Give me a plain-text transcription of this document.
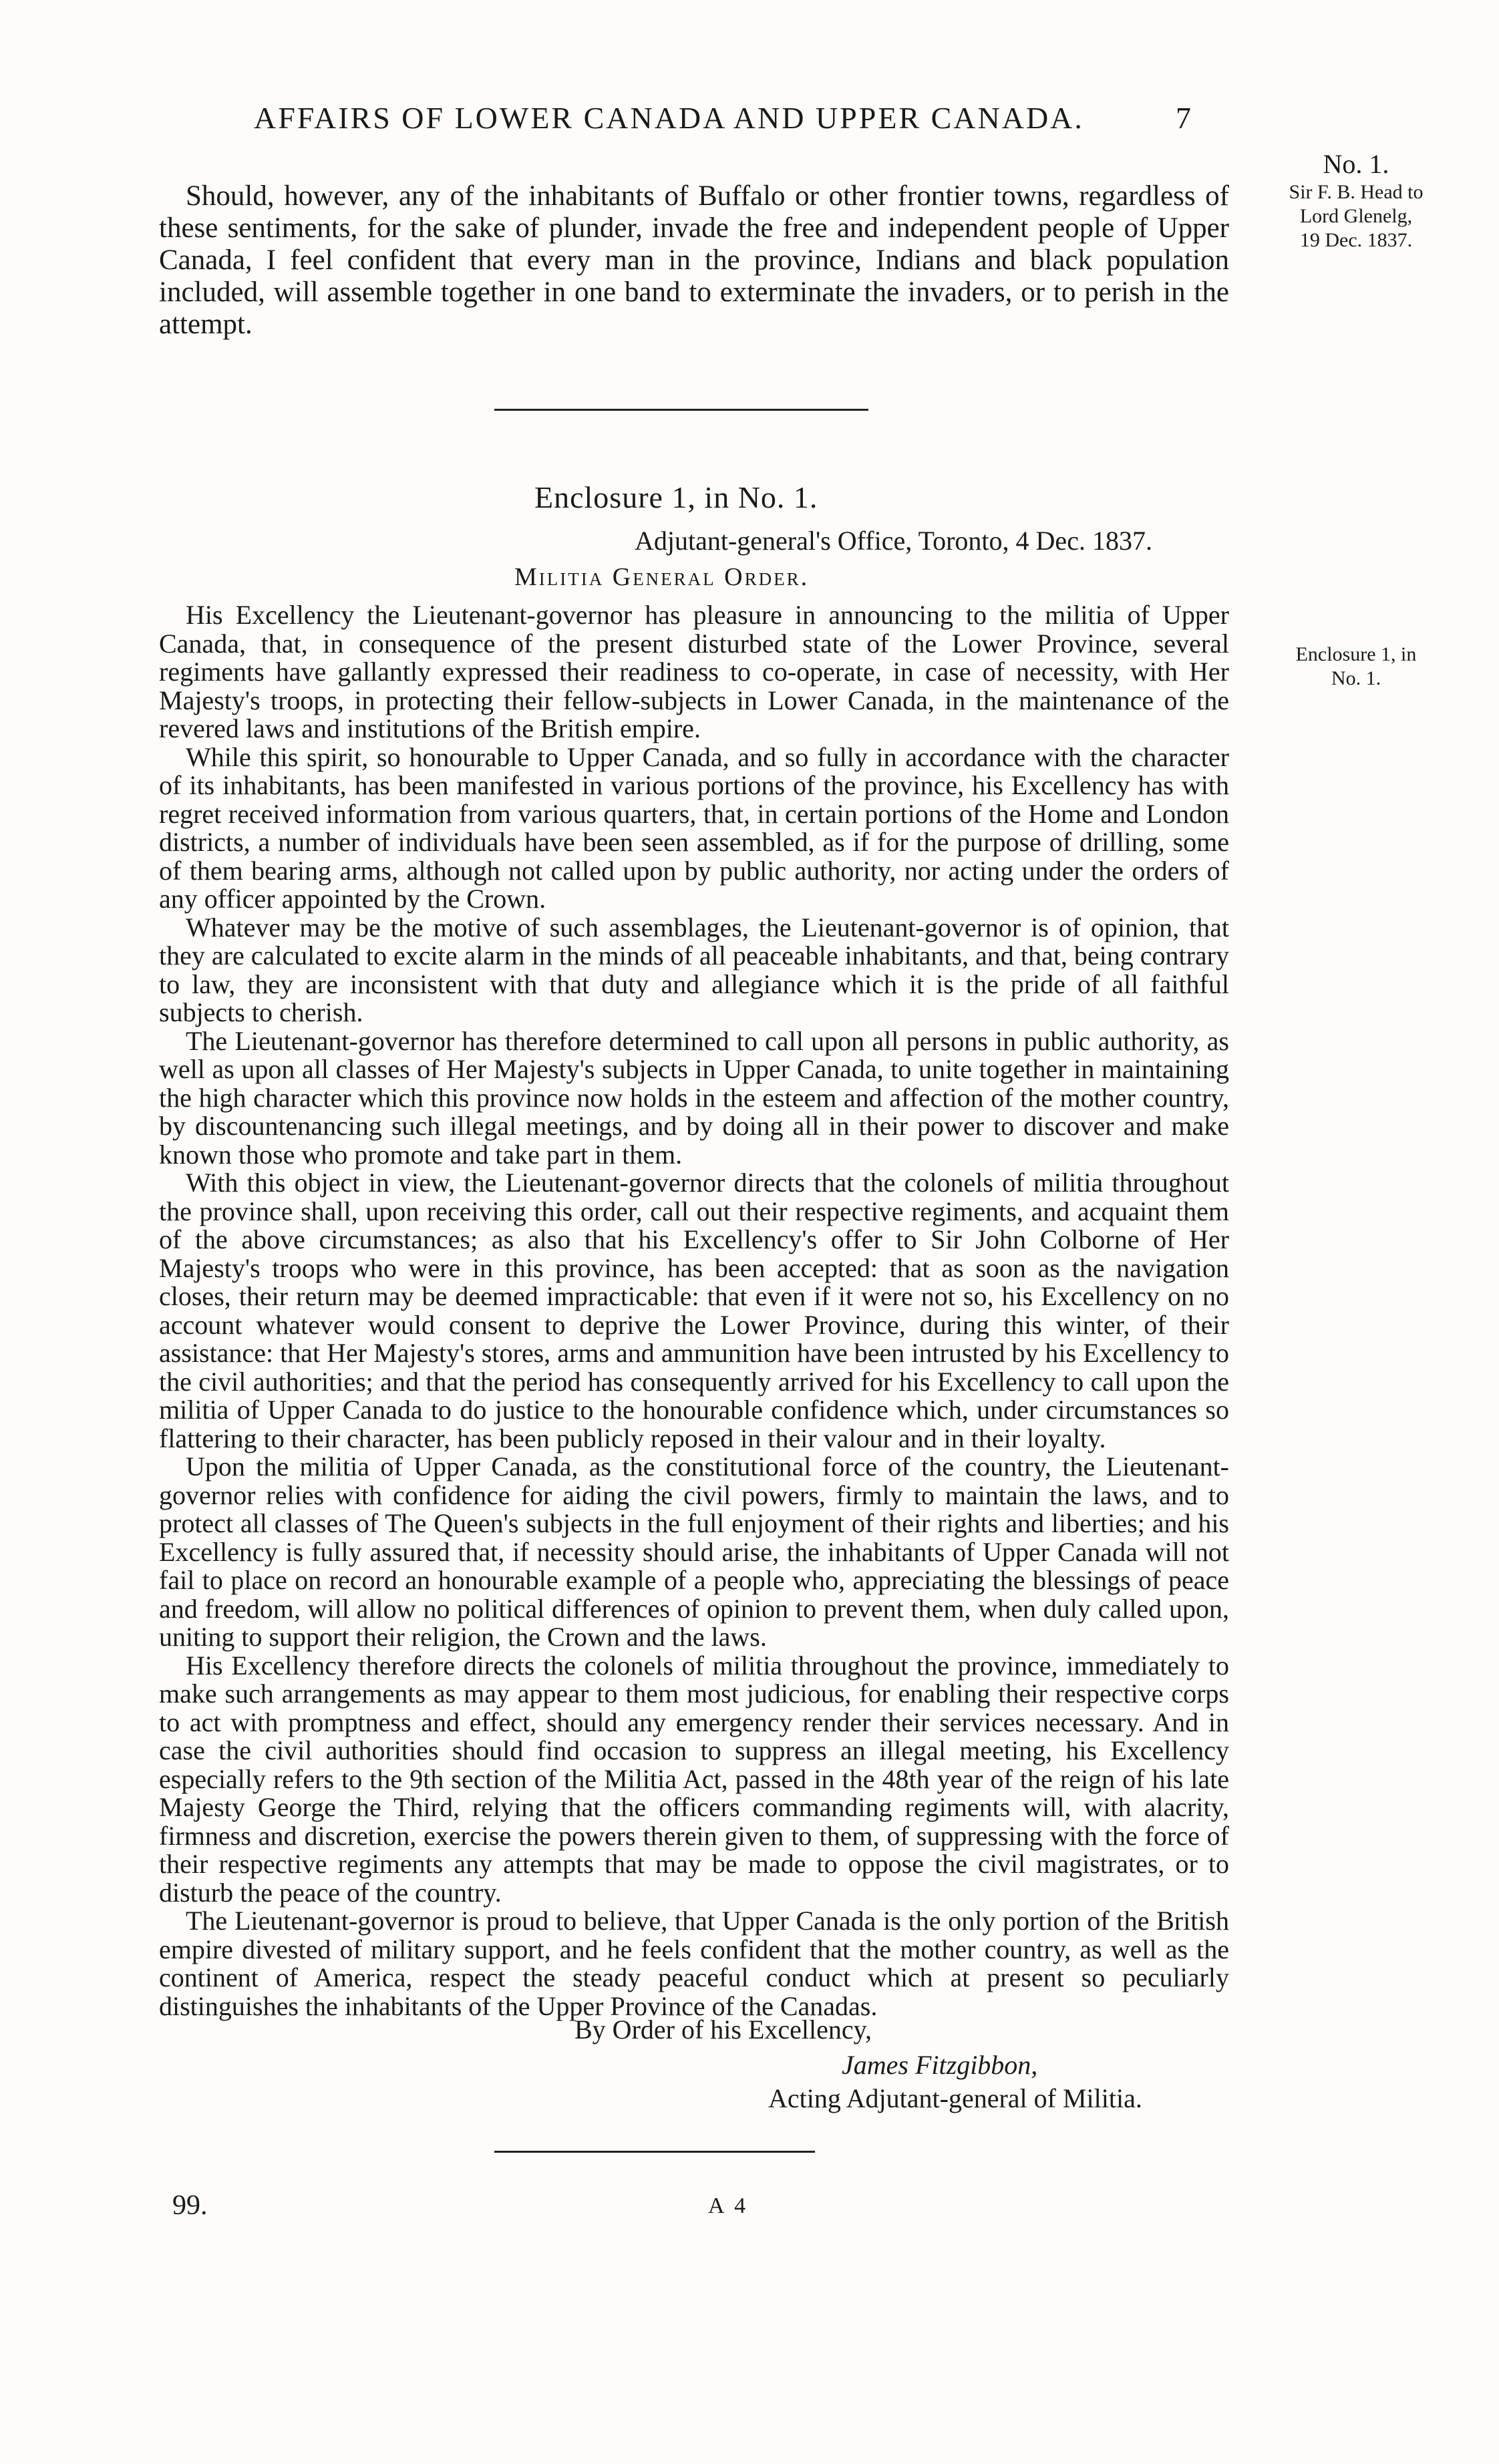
AFFAIRS OF LOWER CANADA AND UPPER CANADA.	7
No. 1.
Sir F. B. Head to
Lord Glenelg,
19 Dec. 1837.

Should, however, any of the inhabitants of Buffalo or other frontier towns, regardless of these sentiments, for the sake of plunder, invade the free and independent people of Upper Canada, I feel confident that every man in the province, Indians and black population included, will assemble together in one band to exterminate the invaders, or to perish in the attempt.

Enclosure 1, in No. 1.
Adjutant-general's Office, Toronto, 4 Dec. 1837.
Militia General Order.
Enclosure 1, in
No. 1.

His Excellency the Lieutenant-governor has pleasure in announcing to the militia of Upper Canada, that, in consequence of the present disturbed state of the Lower Province, several regiments have gallantly expressed their readiness to co-operate, in case of necessity, with Her Majesty's troops, in protecting their fellow-subjects in Lower Canada, in the maintenance of the revered laws and institutions of the British empire.

While this spirit, so honourable to Upper Canada, and so fully in accordance with the character of its inhabitants, has been manifested in various portions of the province, his Excellency has with regret received information from various quarters, that, in certain portions of the Home and London districts, a number of individuals have been seen assembled, as if for the purpose of drilling, some of them bearing arms, although not called upon by public authority, nor acting under the orders of any officer appointed by the Crown.

Whatever may be the motive of such assemblages, the Lieutenant-governor is of opinion, that they are calculated to excite alarm in the minds of all peaceable inhabitants, and that, being contrary to law, they are inconsistent with that duty and allegiance which it is the pride of all faithful subjects to cherish.

The Lieutenant-governor has therefore determined to call upon all persons in public authority, as well as upon all classes of Her Majesty's subjects in Upper Canada, to unite together in maintaining the high character which this province now holds in the esteem and affection of the mother country, by discountenancing such illegal meetings, and by doing all in their power to discover and make known those who promote and take part in them.

With this object in view, the Lieutenant-governor directs that the colonels of militia throughout the province shall, upon receiving this order, call out their respective regiments, and acquaint them of the above circumstances; as also that his Excellency's offer to Sir John Colborne of Her Majesty's troops who were in this province, has been accepted: that as soon as the navigation closes, their return may be deemed impracticable: that even if it were not so, his Excellency on no account whatever would consent to deprive the Lower Province, during this winter, of their assistance: that Her Majesty's stores, arms and ammunition have been intrusted by his Excellency to the civil authorities; and that the period has consequently arrived for his Excellency to call upon the militia of Upper Canada to do justice to the honourable confidence which, under circumstances so flattering to their character, has been publicly reposed in their valour and in their loyalty.

Upon the militia of Upper Canada, as the constitutional force of the country, the Lieutenant-governor relies with confidence for aiding the civil powers, firmly to maintain the laws, and to protect all classes of The Queen's subjects in the full enjoyment of their rights and liberties; and his Excellency is fully assured that, if necessity should arise, the inhabitants of Upper Canada will not fail to place on record an honourable example of a people who, appreciating the blessings of peace and freedom, will allow no political differences of opinion to prevent them, when duly called upon, uniting to support their religion, the Crown and the laws.

His Excellency therefore directs the colonels of militia throughout the province, immediately to make such arrangements as may appear to them most judicious, for enabling their respective corps to act with promptness and effect, should any emergency render their services necessary. And in case the civil authorities should find occasion to suppress an illegal meeting, his Excellency especially refers to the 9th section of the Militia Act, passed in the 48th year of the reign of his late Majesty George the Third, relying that the officers commanding regiments will, with alacrity, firmness and discretion, exercise the powers therein given to them, of suppressing with the force of their respective regiments any attempts that may be made to oppose the civil magistrates, or to disturb the peace of the country.

The Lieutenant-governor is proud to believe, that Upper Canada is the only portion of the British empire divested of military support, and he feels confident that the mother country, as well as the continent of America, respect the steady peaceful conduct which at present so peculiarly distinguishes the inhabitants of the Upper Province of the Canadas.

By Order of his Excellency,
James Fitzgibbon,
Acting Adjutant-general of Militia.
99.	A 4
